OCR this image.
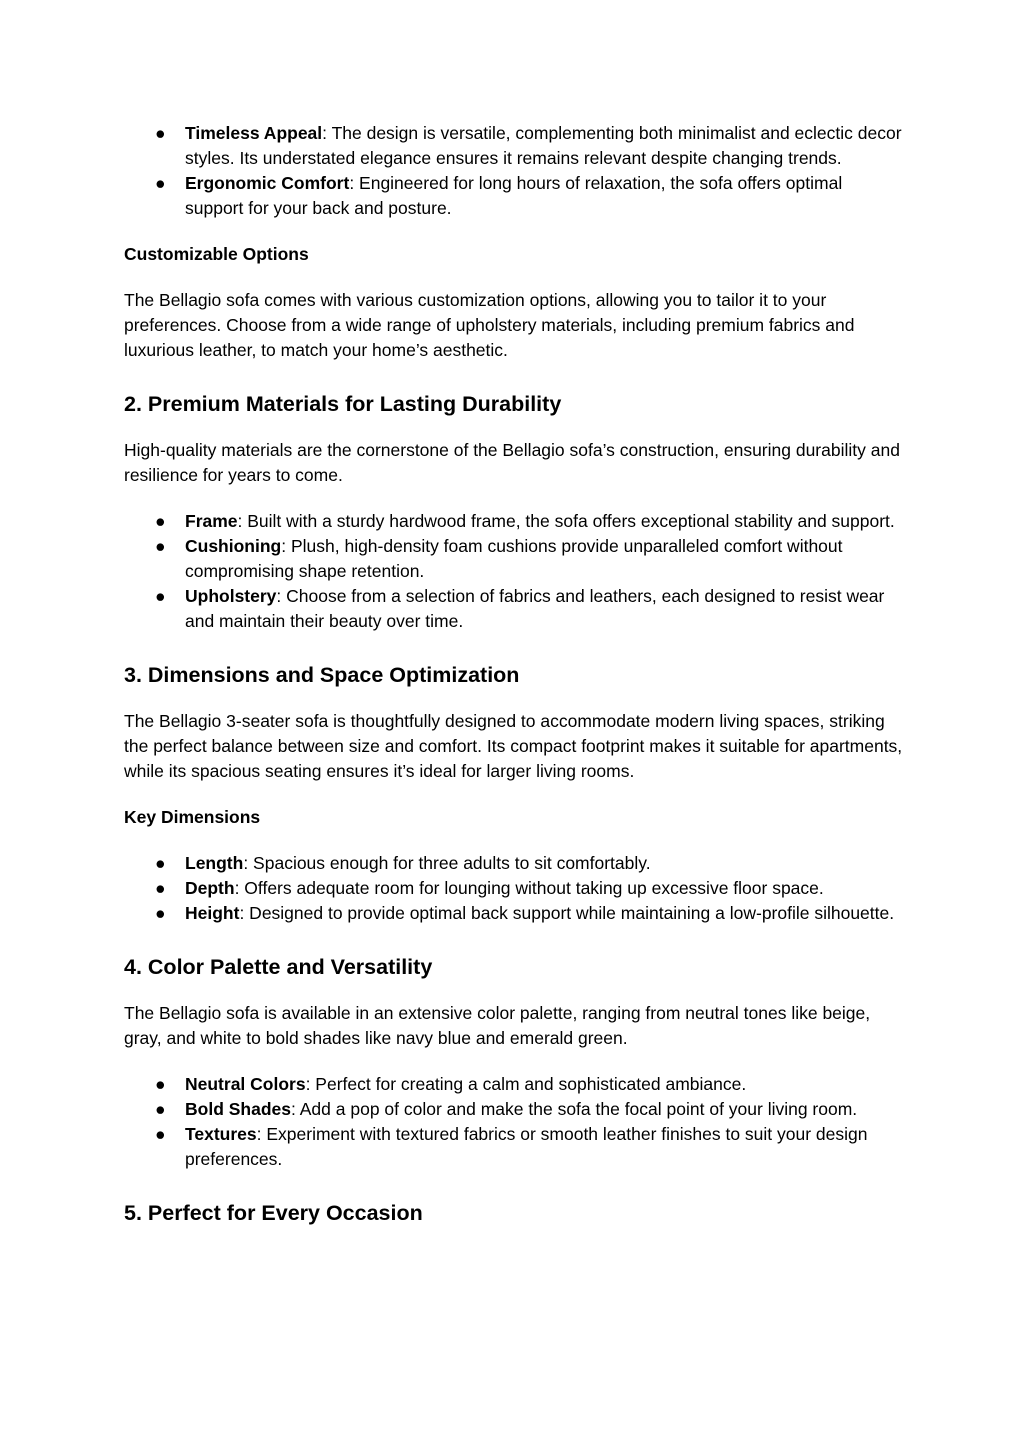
● Timeless Appeal: The design is versatile, complementing both minimalist and eclectic decor styles. Its understated elegance ensures it remains relevant despite changing trends.
● Ergonomic Comfort: Engineered for long hours of relaxation, the sofa offers optimal support for your back and posture.

Customizable Options

The Bellagio sofa comes with various customization options, allowing you to tailor it to your preferences. Choose from a wide range of upholstery materials, including premium fabrics and luxurious leather, to match your home’s aesthetic.

2. Premium Materials for Lasting Durability

High-quality materials are the cornerstone of the Bellagio sofa’s construction, ensuring durability and resilience for years to come.

● Frame: Built with a sturdy hardwood frame, the sofa offers exceptional stability and support.
● Cushioning: Plush, high-density foam cushions provide unparalleled comfort without compromising shape retention.
● Upholstery: Choose from a selection of fabrics and leathers, each designed to resist wear and maintain their beauty over time.
3. Dimensions and Space Optimization

The Bellagio 3-seater sofa is thoughtfully designed to accommodate modern living spaces, striking the perfect balance between size and comfort. Its compact footprint makes it suitable for apartments, while its spacious seating ensures it’s ideal for larger living rooms.

Key Dimensions

● Length: Spacious enough for three adults to sit comfortably.
● Depth: Offers adequate room for lounging without taking up excessive floor space.
● Height: Designed to provide optimal back support while maintaining a low-profile silhouette.
4. Color Palette and Versatility

The Bellagio sofa is available in an extensive color palette, ranging from neutral tones like beige, gray, and white to bold shades like navy blue and emerald green.

● Neutral Colors: Perfect for creating a calm and sophisticated ambiance.
● Bold Shades: Add a pop of color and make the sofa the focal point of your living room.
● Textures: Experiment with textured fabrics or smooth leather finishes to suit your design preferences.
5. Perfect for Every Occasion
